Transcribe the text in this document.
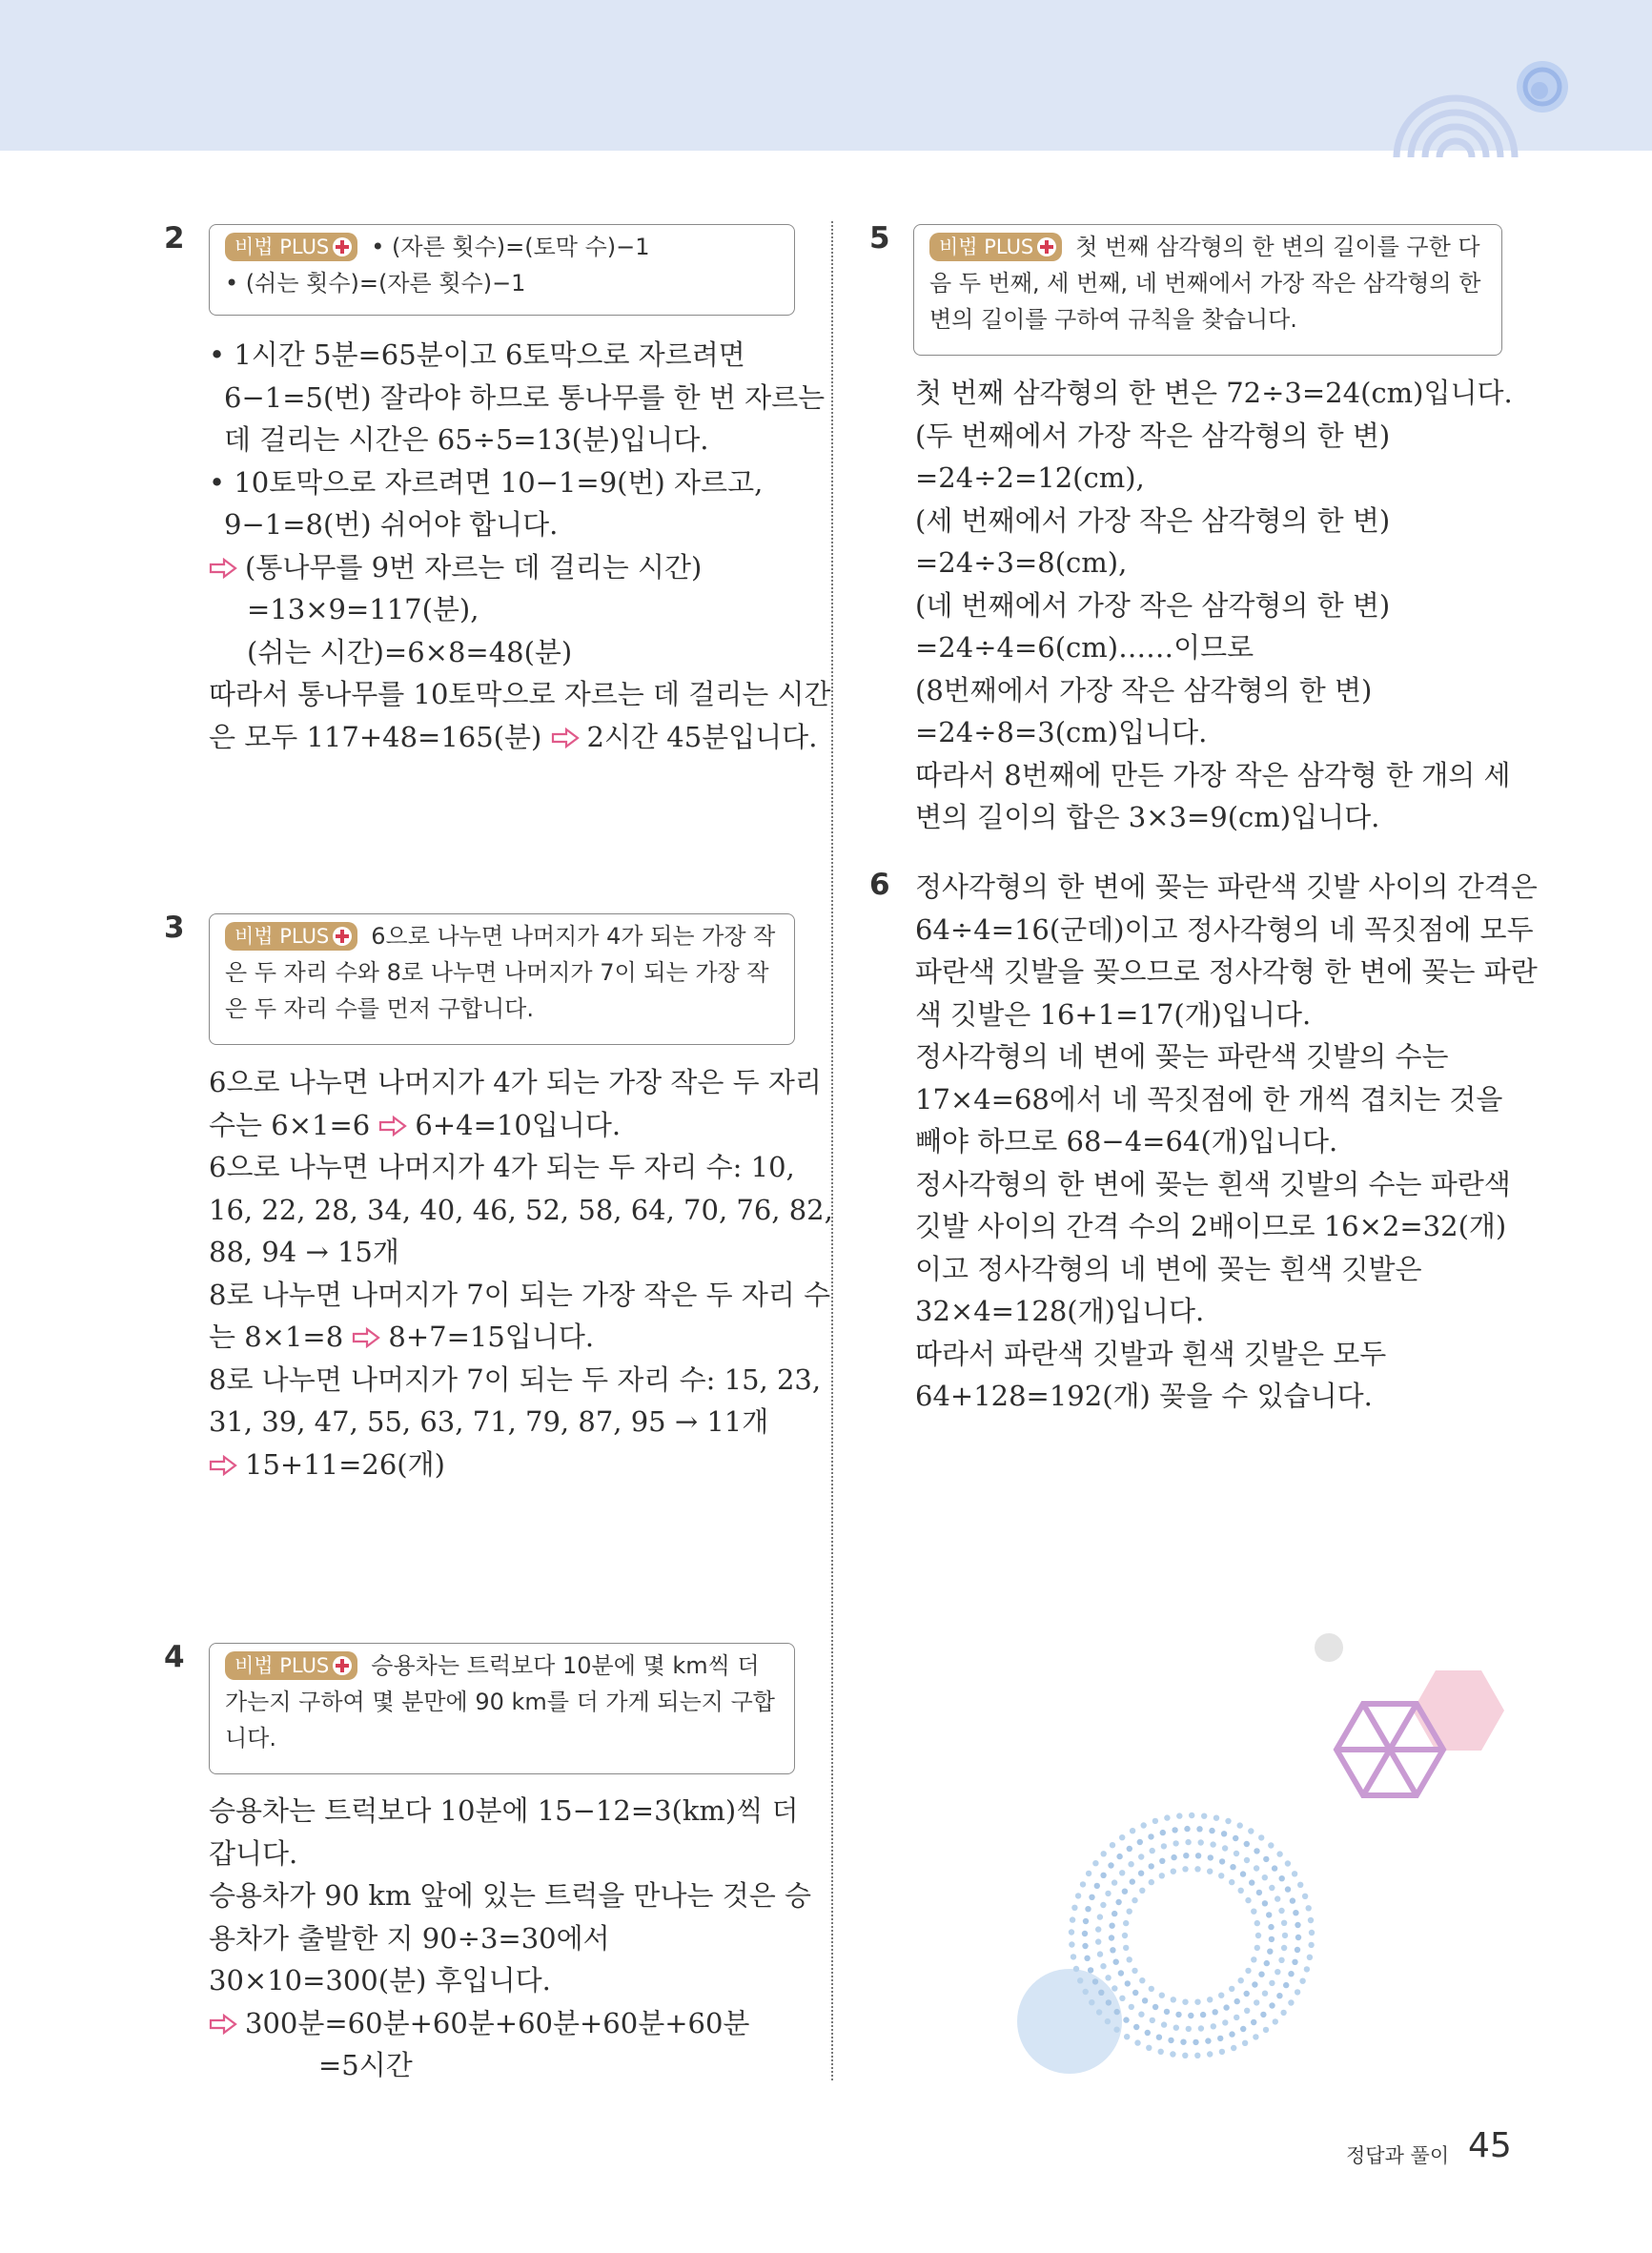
2	비법 PLUS • (자른 횟수)=(토막 수)−1
• (쉬는 횟수)=(자른 횟수)−1

• 1시간 5분=65분이고 6토막으로 자르려면

6−1=5(번) 잘라야 하므로 통나무를 한 번 자르는

데 걸리는 시간은 65÷5=13(분)입니다.

• 10토막으로 자르려면 10−1=9(번) 자르고,

9−1=8(번) 쉬어야 합니다.

(통나무를 9번 자르는 데 걸리는 시간)

=13×9=117(분),

(쉬는 시간)=6×8=48(분)

따라서 통나무를 10토막으로 자르는 데 걸리는 시간

은 모두 117+48=165(분) 2시간 45분입니다.

3	비법 PLUS 6으로 나누면 나머지가 4가 되는 가장 작
은 두 자리 수와 8로 나누면 나머지가 7이 되는 가장 작
은 두 자리 수를 먼저 구합니다.

6으로 나누면 나머지가 4가 되는 가장 작은 두 자리

수는 6×1=6 6+4=10입니다.

6으로 나누면 나머지가 4가 되는 두 자리 수: 10,

16, 22, 28, 34, 40, 46, 52, 58, 64, 70, 76, 82,

88, 94 → 15개

8로 나누면 나머지가 7이 되는 가장 작은 두 자리 수

는 8×1=8 8+7=15입니다.

8로 나누면 나머지가 7이 되는 두 자리 수: 15, 23,

31, 39, 47, 55, 63, 71, 79, 87, 95 → 11개

15+11=26(개)

4	비법 PLUS 승용차는 트럭보다 10분에 몇 km씩 더
가는지 구하여 몇 분만에 90 km를 더 가게 되는지 구합
니다.

승용차는 트럭보다 10분에 15−12=3(km)씩 더

갑니다.

승용차가 90 km 앞에 있는 트럭을 만나는 것은 승

용차가 출발한 지 90÷3=30에서

30×10=300(분) 후입니다.

300분=60분+60분+60분+60분+60분

=5시간

5	비법 PLUS 첫 번째 삼각형의 한 변의 길이를 구한 다
음 두 번째, 세 번째, 네 번째에서 가장 작은 삼각형의 한
변의 길이를 구하여 규칙을 찾습니다.

첫 번째 삼각형의 한 변은 72÷3=24(cm)입니다.

(두 번째에서 가장 작은 삼각형의 한 변)

=24÷2=12(cm),

(세 번째에서 가장 작은 삼각형의 한 변)

=24÷3=8(cm),

(네 번째에서 가장 작은 삼각형의 한 변)

=24÷4=6(cm)……이므로

(8번째에서 가장 작은 삼각형의 한 변)

=24÷8=3(cm)입니다.

따라서 8번째에 만든 가장 작은 삼각형 한 개의 세

변의 길이의 합은 3×3=9(cm)입니다.

6 정사각형의 한 변에 꽂는 파란색 깃발 사이의 간격은

64÷4=16(군데)이고 정사각형의 네 꼭짓점에 모두

파란색 깃발을 꽂으므로 정사각형 한 변에 꽂는 파란

색 깃발은 16+1=17(개)입니다.

정사각형의 네 변에 꽂는 파란색 깃발의 수는

17×4=68에서 네 꼭짓점에 한 개씩 겹치는 것을

빼야 하므로 68−4=64(개)입니다.

정사각형의 한 변에 꽂는 흰색 깃발의 수는 파란색

깃발 사이의 간격 수의 2배이므로 16×2=32(개)

이고 정사각형의 네 변에 꽂는 흰색 깃발은

32×4=128(개)입니다.

따라서 파란색 깃발과 흰색 깃발은 모두

64+128=192(개) 꽂을 수 있습니다.

정답과 풀이 45
